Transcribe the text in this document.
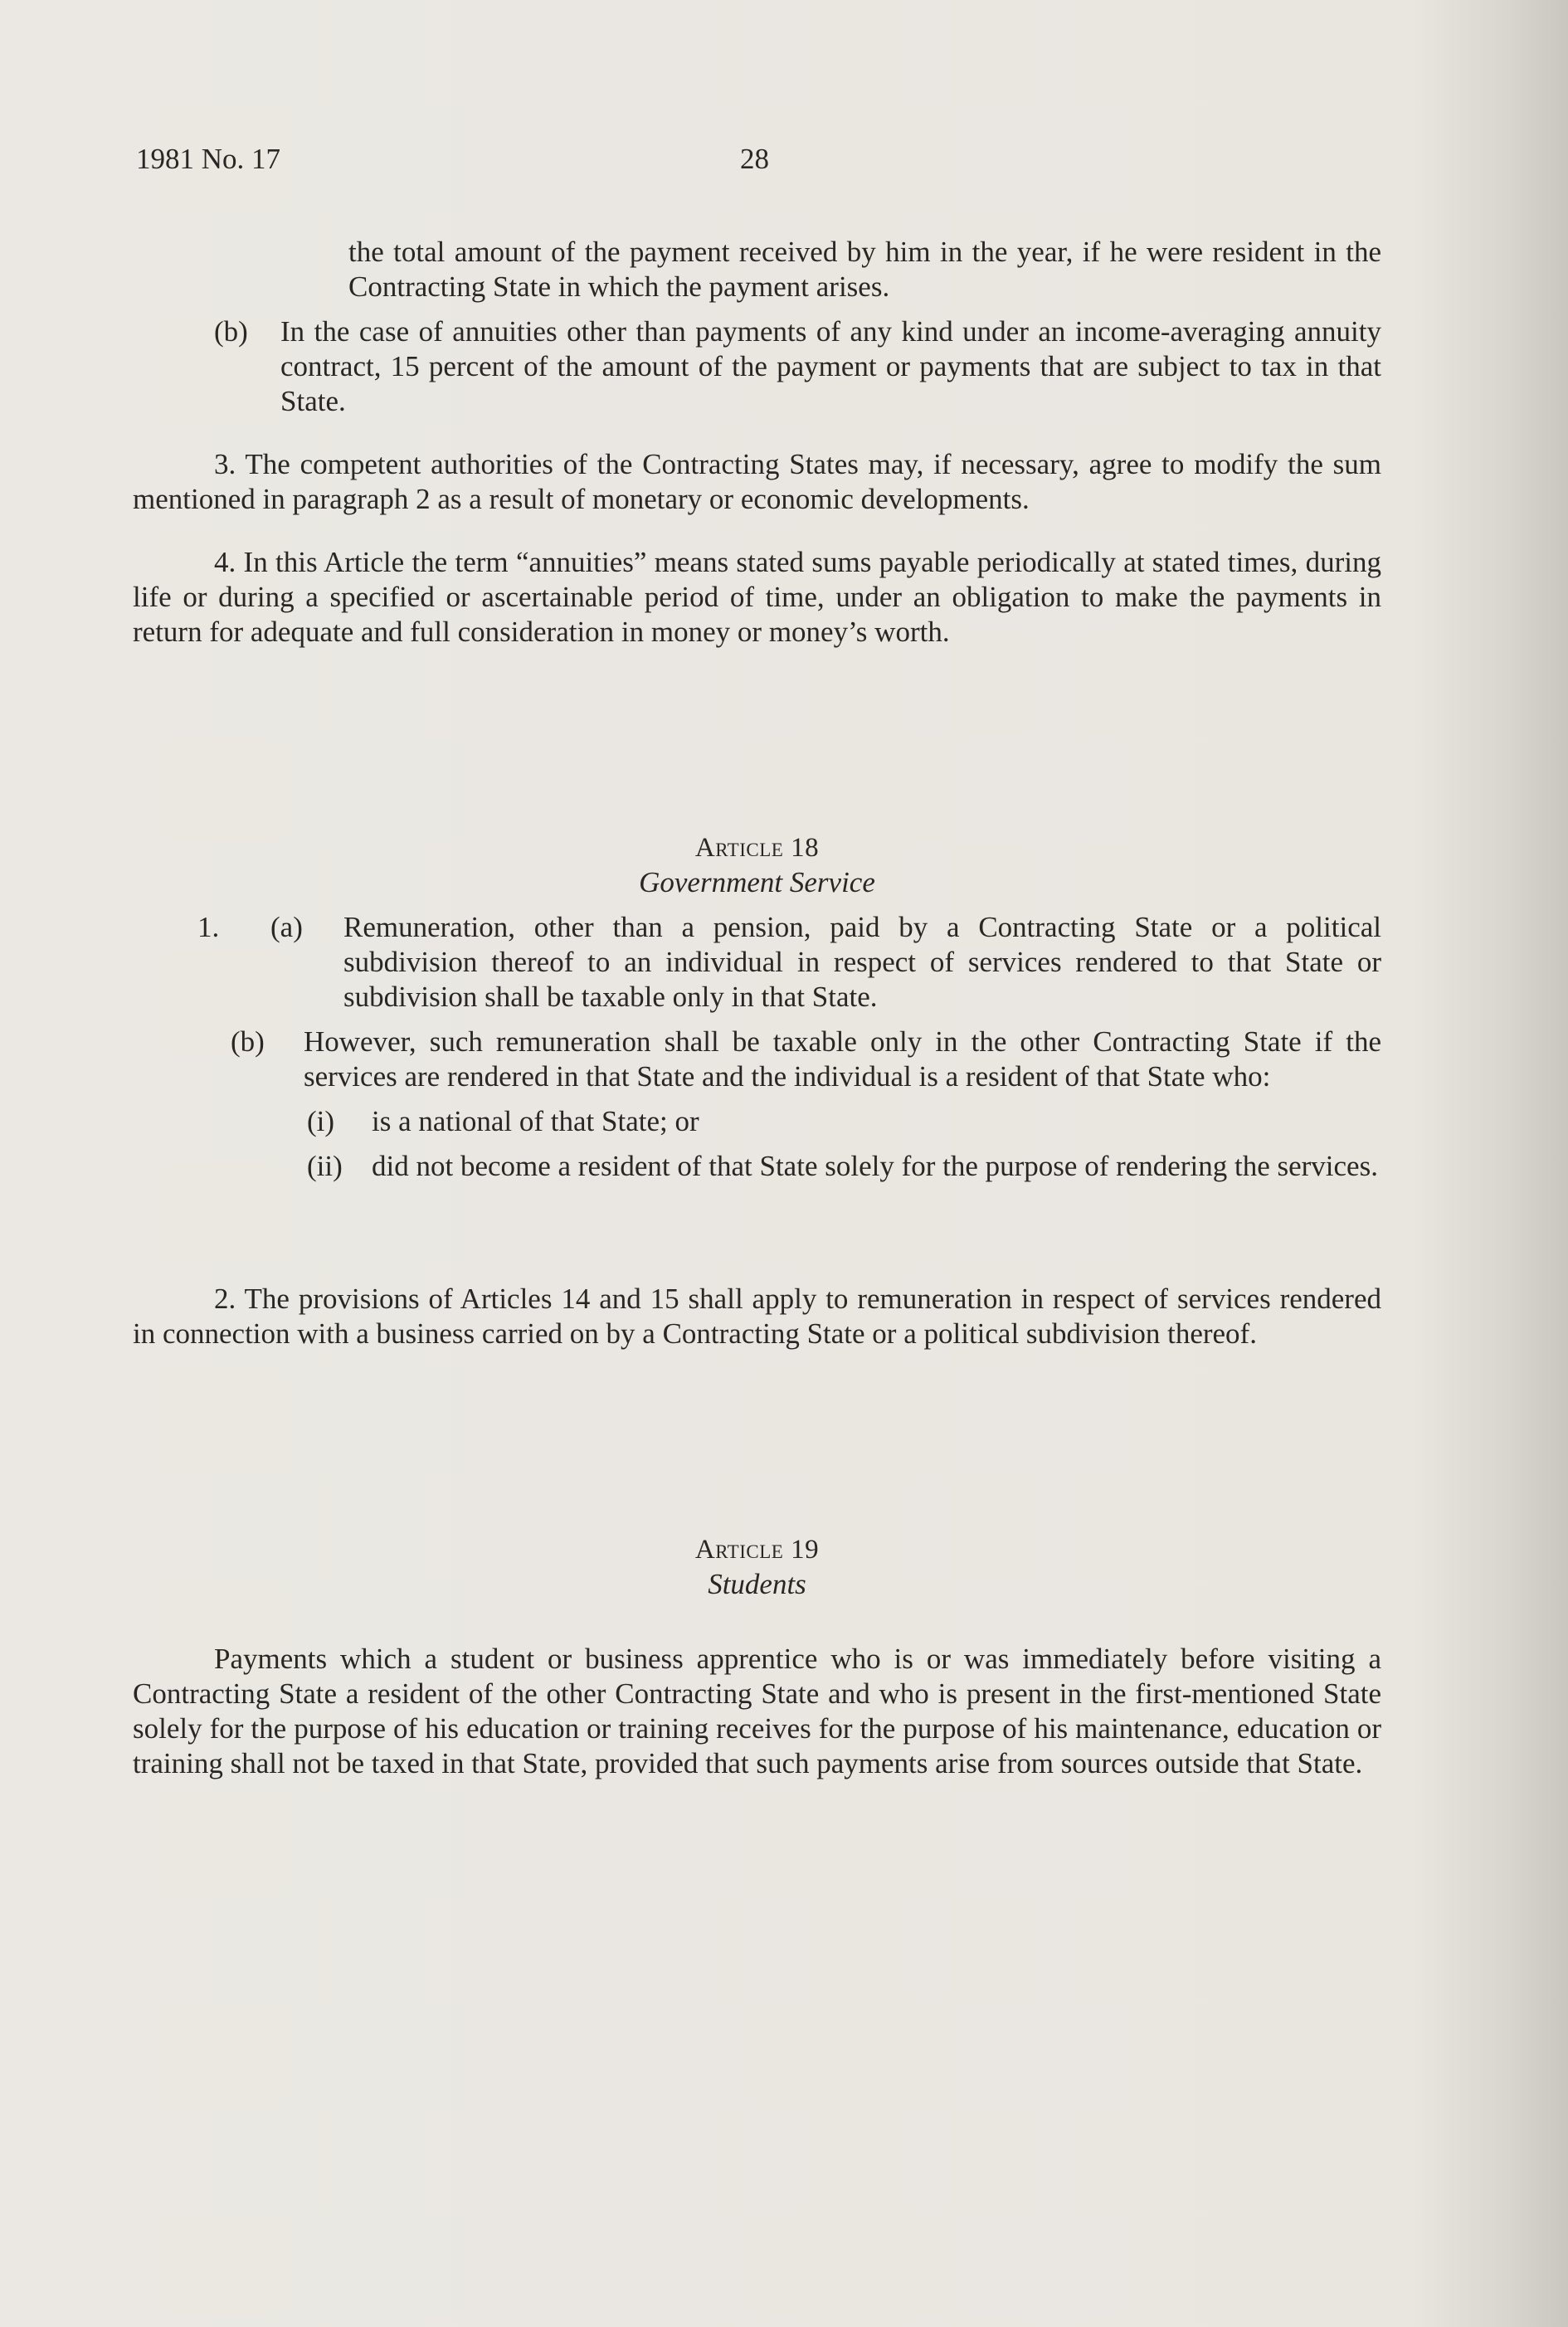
1981 No. 17	28

the total amount of the payment received by him in the year, if he were resident in the Contracting State in which the payment arises.

(b)	In the case of annuities other than payments of any kind under an income-averaging annuity contract, 15 percent of the amount of the payment or payments that are subject to tax in that State.

3. The competent authorities of the Contracting States may, if necessary, agree to modify the sum mentioned in paragraph 2 as a result of monetary or economic developments.

4. In this Article the term “annuities” means stated sums payable periodically at stated times, during life or during a specified or ascertainable period of time, under an obligation to make the payments in return for adequate and full consideration in money or money’s worth.

Article 18
Government Service
1.	(a)	Remuneration, other than a pension, paid by a Contracting State or a political subdivision thereof to an individual in respect of services rendered to that State or subdivision shall be taxable only in that State.
(b)	However, such remuneration shall be taxable only in the other Contracting State if the services are rendered in that State and the individual is a resident of that State who:
(i)	is a national of that State; or
(ii)	did not become a resident of that State solely for the purpose of rendering the services.

2. The provisions of Articles 14 and 15 shall apply to remuneration in respect of services rendered in connection with a business carried on by a Contracting State or a political subdivision thereof.

Article 19
Students

Payments which a student or business apprentice who is or was immediately before visiting a Contracting State a resident of the other Contracting State and who is present in the first-mentioned State solely for the purpose of his education or training receives for the purpose of his maintenance, education or training shall not be taxed in that State, provided that such payments arise from sources outside that State.
